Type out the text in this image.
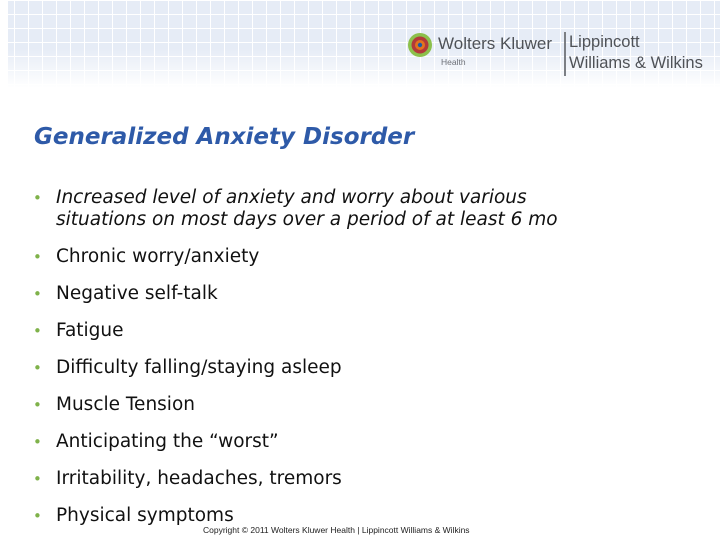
Wolters Kluwer
Health
Lippincott
Williams & Wilkins
Generalized Anxiety Disorder
• Increased level of anxiety and worry about various
situations on most days over a period of at least 6 mo
• Chronic worry/anxiety
• Negative self-talk
• Fatigue
• Difficulty falling/staying asleep
• Muscle Tension
• Anticipating the “worst”
• Irritability, headaches, tremors
• Physical symptoms
Copyright © 2011 Wolters Kluwer Health | Lippincott Williams & Wilkins
